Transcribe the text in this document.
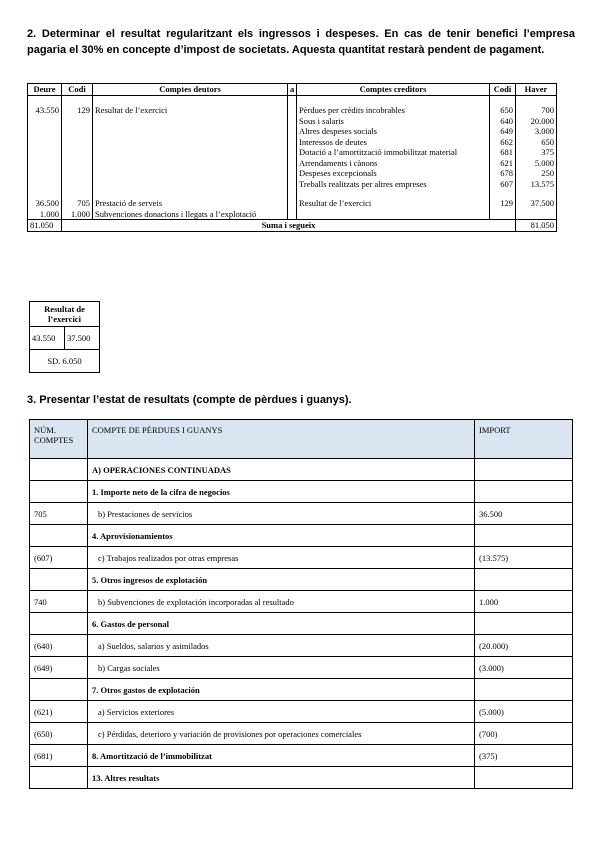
2. Determinar el resultat regularitzant els ingressos i despeses. En cas de tenir benefici l’empresa pagaria el 30% en concepte d’impost de societats. Aquesta quantitat restarà pendent de pagament.

Deure	Codi	Comptes deutors	a	Comptes creditors	Codi	Haver

43.550	129	Resultat de l’exercici		Pèrdues per crèdits incobrables	650	700
				Sous i salaris	640	20.000
				Altres despeses socials	649	3.000
				Interessos de deutes	662	650
				Dotació a l’amortització immobilitzat material	681	375
				Arrendaments i cànons	621	5.000
				Despeses excepcionals	678	250
				Treballs realitzats per altres empreses	607	13.575

36.500	705	Prestació de serveis		Resultat de l’exercici	129	37.500
1.000	1.000	Subvenciones donacions i llegats a l’explotació				
81.050	Suma i segueix					81.050
Resultat de l’exercici
43.550	37.500
SD. 6.050

3. Presentar l’estat de resultats (compte de pèrdues i guanys).

NÚM. COMPTES	COMPTE DE PÈRDUES I GUANYS	IMPORT
	A) OPERACIONES CONTINUADAS	
	1. Importe neto de la cifra de negocios	
705	b) Prestaciones de servicios	36.500
	4. Aprovisionamientos	
(607)	c) Trabajos realizados por otras empresas	(13.575)
	5. Otros ingresos de explotación	
740	b) Subvenciones de explotación incorporadas al resultado	1.000
	6. Gastos de personal	
(640)	a) Sueldos, salarios y asimilados	(20.000)
(649)	b) Cargas sociales	(3.000)
	7. Otros gastos de explotación	
(621)	a) Servicios exteriores	(5.000)
(650)	c) Pérdidas, deterioro y variación de provisiones por operaciones comerciales	(700)
(681)	8. Amortització de l’immobilitzat	(375)
	13. Altres resultats	
